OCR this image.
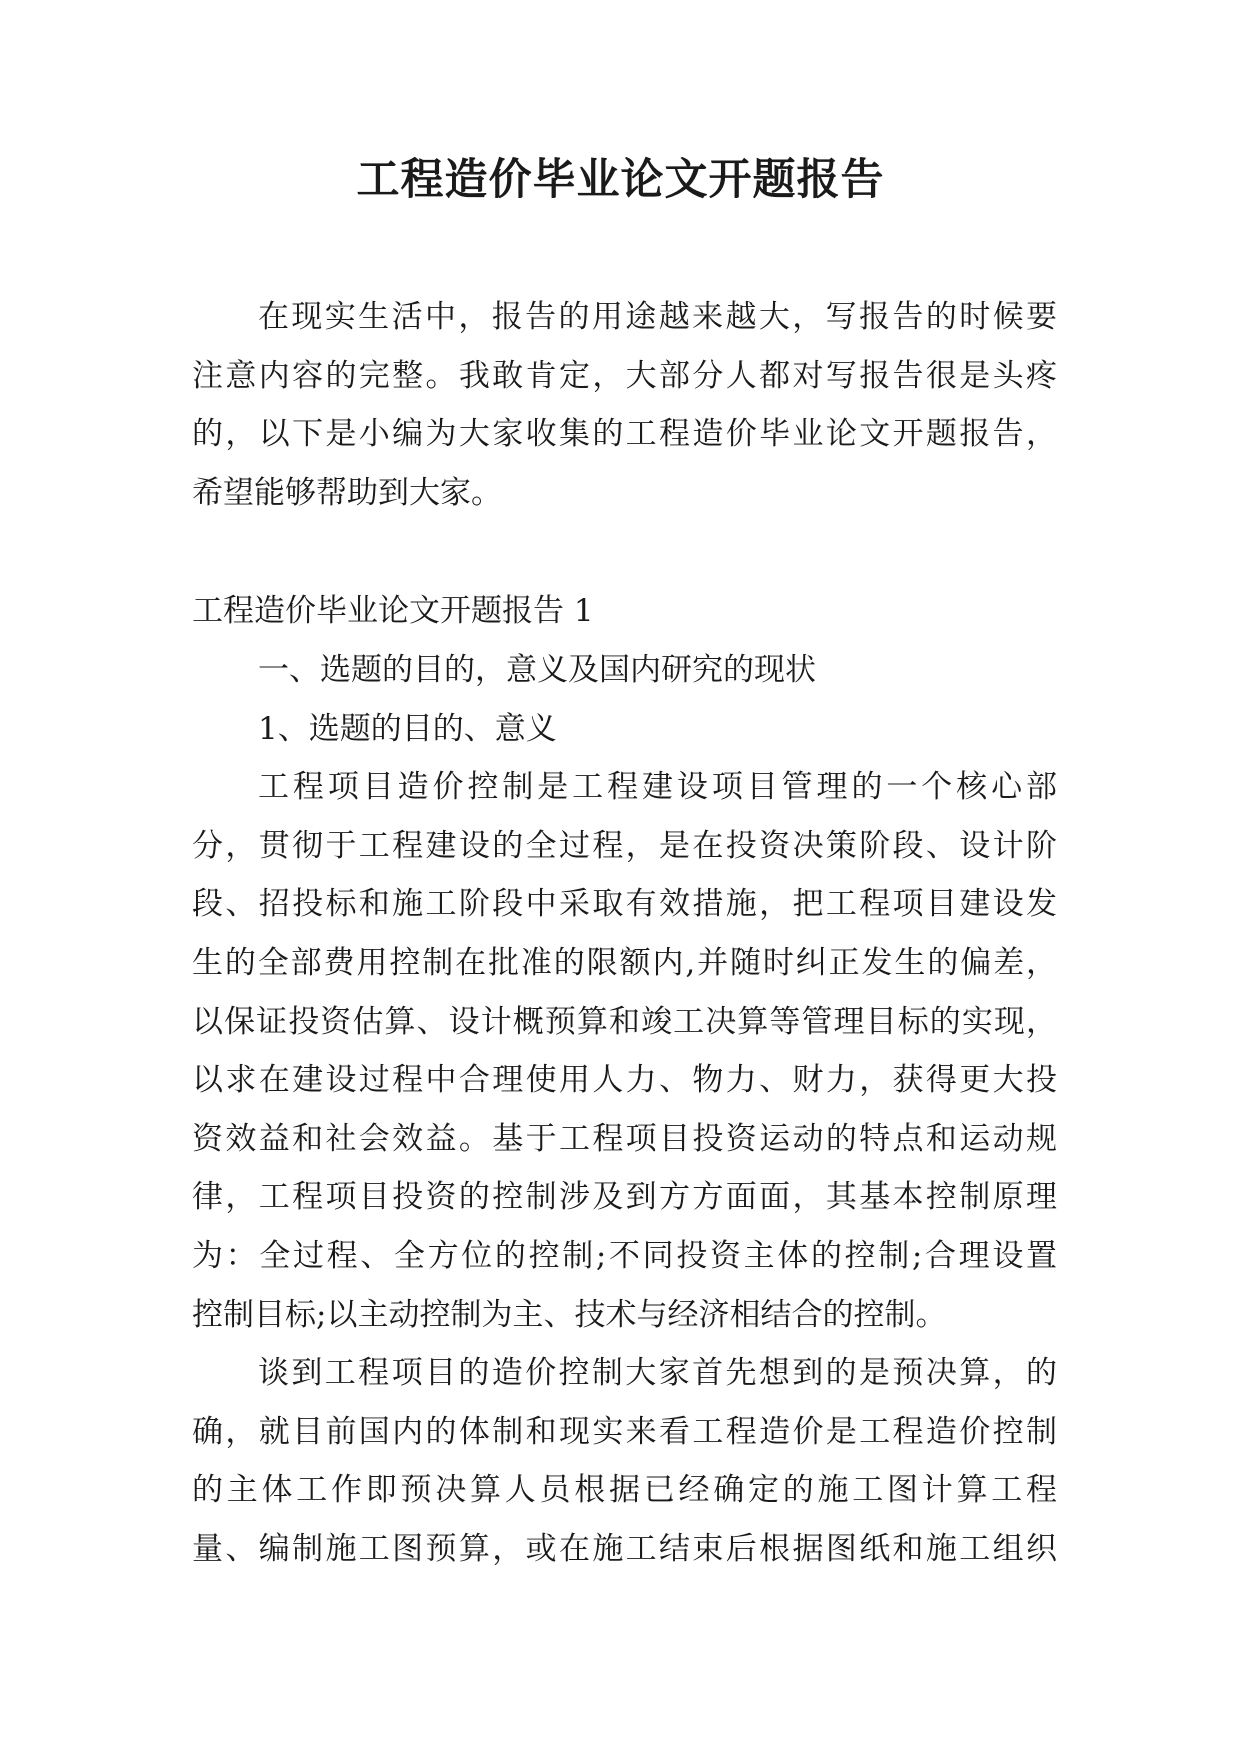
工程造价毕业论文开题报告
在现实生活中，报告的用途越来越大，写报告的时候要
注意内容的完整。我敢肯定，大部分人都对写报告很是头疼
的，以下是小编为大家收集的工程造价毕业论文开题报告，
希望能够帮助到大家。
工程造价毕业论文开题报告 1
一、选题的目的，意义及国内研究的现状
1、选题的目的、意义
工程项目造价控制是工程建设项目管理的一个核心部
分，贯彻于工程建设的全过程，是在投资决策阶段、设计阶
段、招投标和施工阶段中采取有效措施，把工程项目建设发
生的全部费用控制在批准的限额内,并随时纠正发生的偏差，
以保证投资估算、设计概预算和竣工决算等管理目标的实现，
以求在建设过程中合理使用人力、物力、财力，获得更大投
资效益和社会效益。基于工程项目投资运动的特点和运动规
律，工程项目投资的控制涉及到方方面面，其基本控制原理
为：全过程、全方位的控制;不同投资主体的控制;合理设置
控制目标;以主动控制为主、技术与经济相结合的控制。
谈到工程项目的造价控制大家首先想到的是预决算，的
确，就目前国内的体制和现实来看工程造价是工程造价控制
的主体工作即预决算人员根据已经确定的施工图计算工程
量、编制施工图预算，或在施工结束后根据图纸和施工组织
